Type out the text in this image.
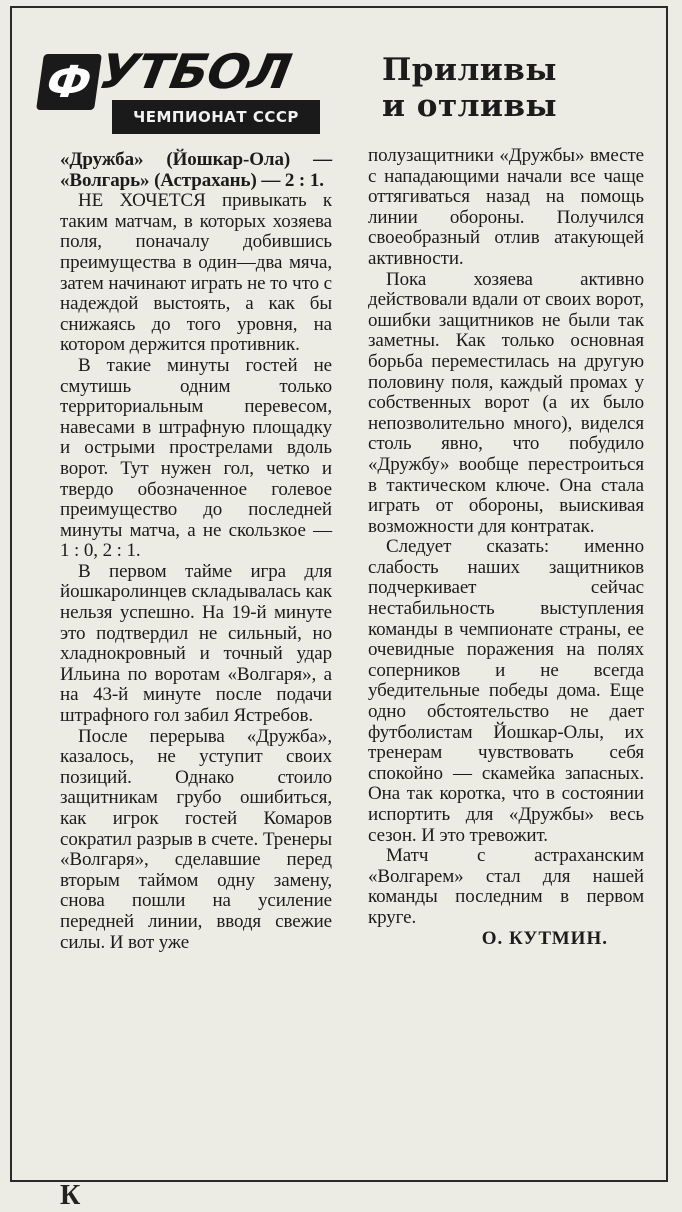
Ф УТБОЛ
ЧЕМПИОНАТ СССР
Приливы
и отливы

«Дружба» (Йошкар-Ола) — «Волгарь» (Астрахань) — 2 : 1.

НЕ ХОЧЕТСЯ привыкать к таким матчам, в которых хозяева поля, поначалу добившись преимущества в один—два мяча, затем начинают играть не то что с надеждой выстоять, а как бы снижаясь до того уровня, на котором держится противник.

В такие минуты гостей не смутишь одним только территориальным перевесом, навесами в штрафную площадку и острыми прострелами вдоль ворот. Тут нужен гол, четко и твердо обозначенное голевое преимущество до последней минуты матча, а не скользкое — 1 : 0, 2 : 1.

В первом тайме игра для йошкаролинцев складывалась как нельзя успешно. На 19-й минуте это подтвердил не сильный, но хладнокровный и точный удар Ильина по воротам «Волгаря», а на 43-й минуте после подачи штрафного гол забил Ястребов.

После перерыва «Дружба», казалось, не уступит своих позиций. Однако стоило защитникам грубо ошибиться, как игрок гостей Комаров сократил разрыв в счете. Тренеры «Волгаря», сделавшие перед вторым таймом одну замену, снова пошли на усиление передней линии, вводя свежие силы. И вот уже

полузащитники «Дружбы» вместе с нападающими начали все чаще оттягиваться назад на помощь линии обороны. Получился своеобразный отлив атакующей активности.

Пока хозяева активно действовали вдали от своих ворот, ошибки защитников не были так заметны. Как только основная борьба переместилась на другую половину поля, каждый промах у собственных ворот (а их было непозволительно много), виделся столь явно, что побудило «Дружбу» вообще перестроиться в тактическом ключе. Она стала играть от обороны, выискивая возможности для контратак.

Следует сказать: именно слабость наших защитников подчеркивает сейчас нестабильность выступления команды в чемпионате страны, ее очевидные поражения на полях соперников и не всегда убедительные победы дома. Еще одно обстоятельство не дает футболистам Йошкар-Олы, их тренерам чувствовать себя спокойно — скамейка запасных. Она так коротка, что в состоянии испортить для «Дружбы» весь сезон. И это тревожит.

Матч с астраханским «Волгарем» стал для нашей команды последним в первом круге.

О. КУТМИН.

К
